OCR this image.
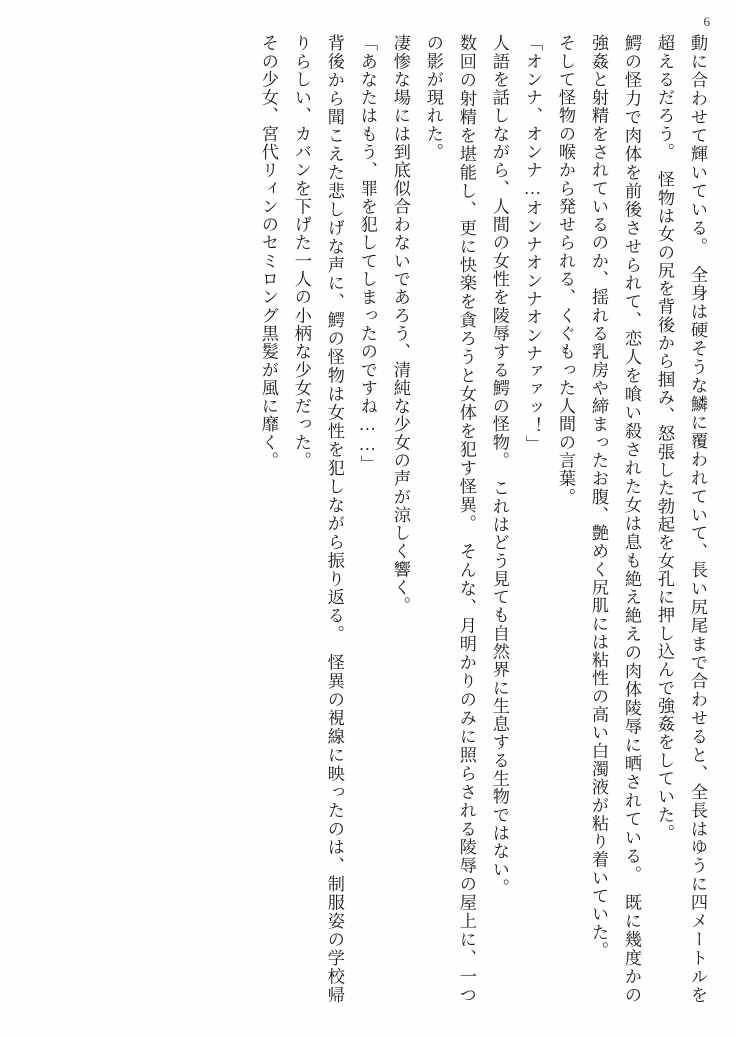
6

動に合わせて輝いている。　全身は硬そうな鱗に覆われていて、長い尻尾まで合わせると、全長はゆうに四メートルを超えるだろう。　怪物は女の尻を背後から掴み、怒張した勃起を女孔に押し込んで強姦をしていた。

鰐の怪力で肉体を前後させられて、恋人を喰い殺された女は息も絶え絶えの肉体陵辱に晒されている。　既に幾度かの強姦と射精をされているのか、揺れる乳房や締まったお腹、艶めく尻肌には粘性の高い白濁液が粘り着いていた。

そして怪物の喉から発せられる、くぐもった人間の言葉。

「オンナ、オンナ…オンナオンナオンナァァッ！」

人語を話しながら、人間の女性を陵辱する鰐の怪物。　これはどう見ても自然界に生息する生物ではない。

数回の射精を堪能し、更に快楽を貪ろうと女体を犯す怪異。　そんな、月明かりのみに照らされる陵辱の屋上に、一つの影が現れた。

凄惨な場には到底似合わないであろう、清純な少女の声が涼しく響く。

「あなたはもう、罪を犯してしまったのですね……」

背後から聞こえた悲しげな声に、鰐の怪物は女性を犯しながら振り返る。　怪異の視線に映ったのは、制服姿の学校帰りらしい、カバンを下げた一人の小柄な少女だった。

その少女、宮代リィンのセミロング黒髪が風に靡く。
